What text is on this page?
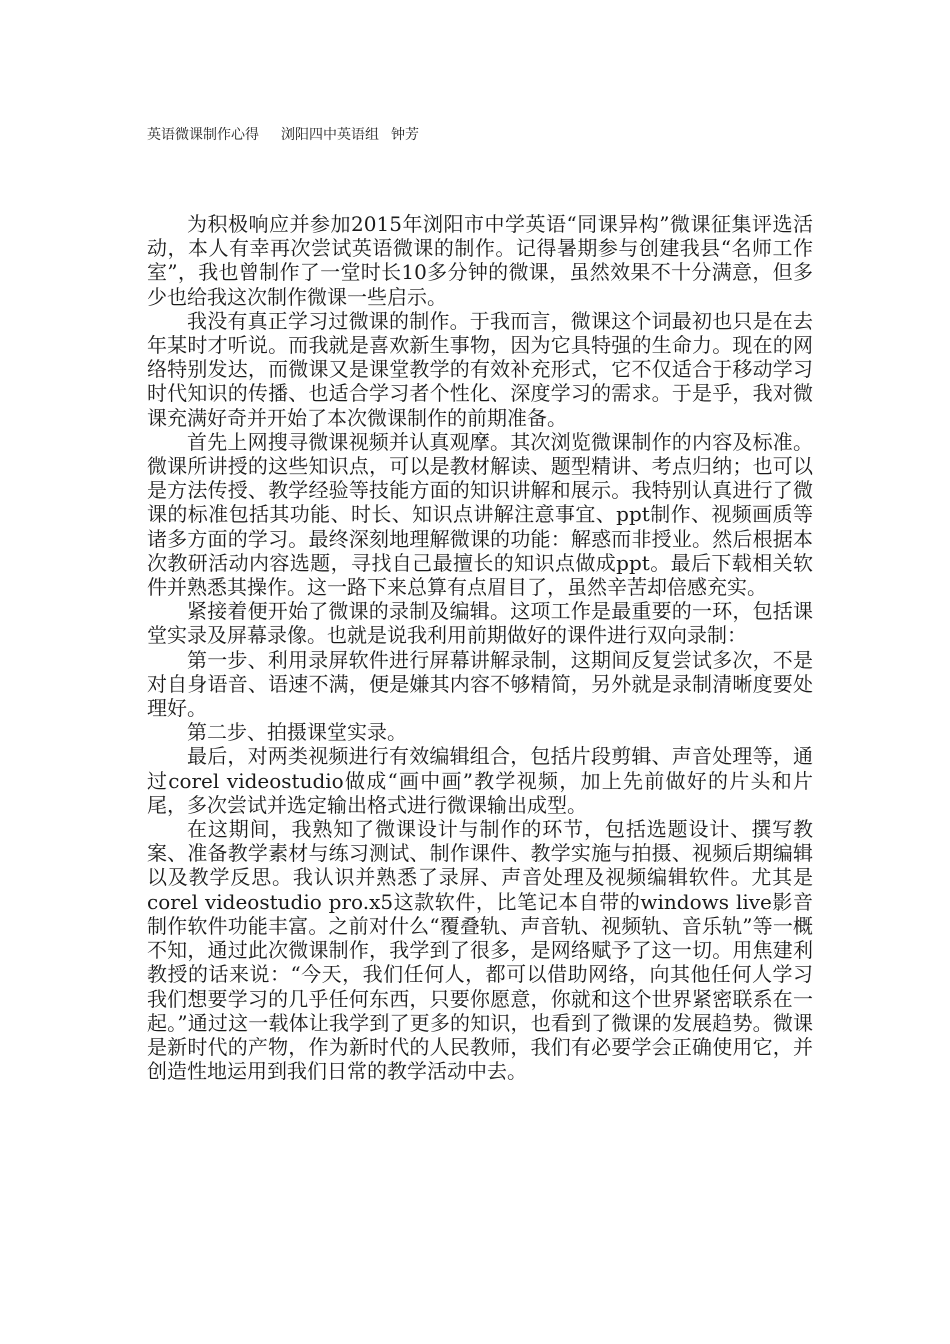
英语微课制作心得 浏阳四中英语组 钟芳

为积极响应并参加2015年浏阳市中学英语“同课异构”微课征集评选活动，本人有幸再次尝试英语微课的制作。记得暑期参与创建我县“名师工作室”，我也曾制作了一堂时长10多分钟的微课，虽然效果不十分满意，但多少也给我这次制作微课一些启示。

我没有真正学习过微课的制作。于我而言，微课这个词最初也只是在去年某时才听说。而我就是喜欢新生事物，因为它具特强的生命力。现在的网络特别发达，而微课又是课堂教学的有效补充形式，它不仅适合于移动学习时代知识的传播、也适合学习者个性化、深度学习的需求。于是乎，我对微课充满好奇并开始了本次微课制作的前期准备。

首先上网搜寻微课视频并认真观摩。其次浏览微课制作的内容及标准。微课所讲授的这些知识点，可以是教材解读、题型精讲、考点归纳；也可以是方法传授、教学经验等技能方面的知识讲解和展示。我特别认真进行了微课的标准包括其功能、时长、知识点讲解注意事宜、ppt制作、视频画质等诸多方面的学习。最终深刻地理解微课的功能：解惑而非授业。然后根据本次教研活动内容选题，寻找自己最擅长的知识点做成ppt。最后下载相关软件并熟悉其操作。这一路下来总算有点眉目了，虽然辛苦却倍感充实。

紧接着便开始了微课的录制及编辑。这项工作是最重要的一环，包括课堂实录及屏幕录像。也就是说我利用前期做好的课件进行双向录制：

第一步、利用录屏软件进行屏幕讲解录制，这期间反复尝试多次，不是对自身语音、语速不满，便是嫌其内容不够精简，另外就是录制清晰度要处理好。

第二步、拍摄课堂实录。

最后，对两类视频进行有效编辑组合，包括片段剪辑、声音处理等，通过corel videostudio做成“画中画”教学视频，加上先前做好的片头和片尾，多次尝试并选定输出格式进行微课输出成型。

在这期间，我熟知了微课设计与制作的环节，包括选题设计、撰写教案、准备教学素材与练习测试、制作课件、教学实施与拍摄、视频后期编辑以及教学反思。我认识并熟悉了录屏、声音处理及视频编辑软件。尤其是corel videostudio pro.x5这款软件，比笔记本自带的windows live影音制作软件功能丰富。之前对什么“覆叠轨、声音轨、视频轨、音乐轨”等一概不知，通过此次微课制作，我学到了很多，是网络赋予了这一切。用焦建利教授的话来说：“今天，我们任何人，都可以借助网络，向其他任何人学习我们想要学习的几乎任何东西，只要你愿意，你就和这个世界紧密联系在一起。”通过这一载体让我学到了更多的知识，也看到了微课的发展趋势。微课是新时代的产物，作为新时代的人民教师，我们有必要学会正确使用它，并创造性地运用到我们日常的教学活动中去。
